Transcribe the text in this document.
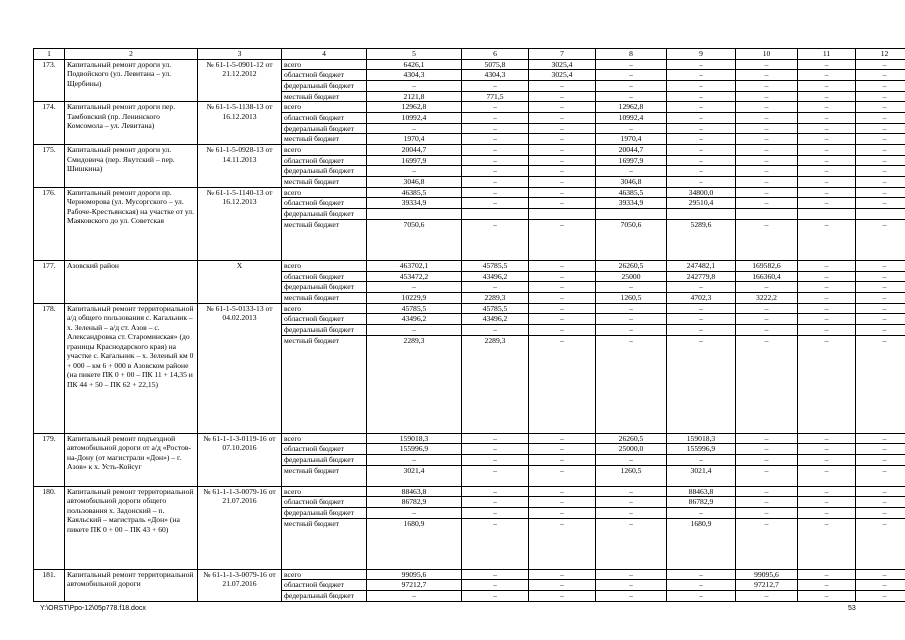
1	2	3	4	5	6	7	8	9	10	11	12
173.	Капитальный ремонт дороги ул. Подвойского (ул. Левитана – ул. Щербины)	№ 61-1-5-0901-12 от 21.12.2012	всего	6426,1	5075,8	3025,4	–	–	–	–	–
			областной бюджет	4304,3	4304,3	3025,4	–	–	–	–	–
			федеральный бюджет	–	–	–	–	–	–	–	–
			местный бюджет	2121,8	771,5	–	–	–	–	–	–
174.	Капитальный ремонт дороги пер. Тамбовский (пр. Ленинского Комсомола – ул. Левитана)	№ 61-1-5-1138-13 от 16.12.2013	всего	12962,8	–	–	12962,8	–	–	–	–
			областной бюджет	10992,4	–	–	10992,4	–	–	–	–
			федеральный бюджет	–	–	–	–	–	–	–	–
			местный бюджет	1970,4	–	–	1970,4	–	–	–	–
175.	Капитальный ремонт дороги ул. Смидовича (пер. Якутский – пер. Шишкина)	№ 61-1-5-0928-13 от 14.11.2013	всего	20044,7	–	–	20044,7	–	–	–	–
			областной бюджет	16997,9	–	–	16997,9	–	–	–	–
			федеральный бюджет	–	–	–	–	–	–	–	–
			местный бюджет	3046,8	–	–	3046,8	–	–	–	–
176.	Капитальный ремонт дороги пр. Черноморова (ул. Мусоргского – ул. Рабоче-Крестьянская) на участке от ул. Маяковского до ул. Советская	№ 61-1-5-1140-13 от 16.12.2013	всего	46385,5	–	–	46385,5	34800,0	–	–	–
			областной бюджет	39334,9	–	–	39334,9	29510,4	–	–	–
			федеральный бюджет								
			местный бюджет	7050,6	–	–	7050,6	5289,6	–	–	–
177.	Азовский район	Х	всего	463702,1	45785,5	–	26260,5	247482,1	169582,6	–	–
			областной бюджет	453472,2	43496,2	–	25000	242779,8	166360,4	–	–
			федеральный бюджет	–	–	–	–	–	–	–	–
			местный бюджет	10229,9	2289,3	–	1260,5	4702,3	3222,2	–	–
178.	Капитальный ремонт территориальной а/д общего пользования с. Кагальник – х. Зеленый – а/д ст. Азов – с. Александровка ст. Староминская» (до границы Краснодарского края) на участке с. Кагальник – х. Зеленый км 0 + 000 – км 6 + 000 в Азовском районе (на пикете ПК 0 + 00 – ПК 11 + 14,35 и ПК 44 + 50 – ПК 62 + 22,15)	№ 61-1-5-0133-13 от 04.02.2013	всего	45785,5	45785,5	–	–	–	–	–	–
			областной бюджет	43496,2	43496,2	–	–	–	–	–	–
			федеральный бюджет	–	–	–	–	–	–	–	–
			местный бюджет	2289,3	2289,3	–	–	–	–	–	–
179.	Капитальный ремонт подъездной автомобильной дороги от а/д «Ростов-на-Дону (от магистрали «Дон») – г. Азов» к х. Усть-Койсуг	№ 61-1-1-3-0119-16 от 07.10.2016	всего	159018,3	–	–	26260,5	159018,3	–	–	–
			областной бюджет	155996,9	–	–	25000,0	155996,9	–	–	–
			федеральный бюджет	–	–	–	–	–	–	–	–
			местный бюджет	3021,4	–	–	1260,5	3021,4	–	–	–
180.	Капитальный ремонт территориальной автомобильной дороги общего пользования х. Задонский – п. Каяльский – магистраль «Дон» (на пикете ПК 0 + 00 – ПК 43 + 60)	№ 61-1-1-3-0079-16 от 21.07.2016	всего	88463,8	–	–	–	88463,8	–	–	–
			областной бюджет	86782,9	–	–	–	86782,9	–	–	–
			федеральный бюджет	–	–	–	–	–	–	–	–
			местный бюджет	1680,9	–	–	–	1680,9	–	–	–
181.	Капитальный ремонт территориальной автомобильной дороги	№ 61-1-1-3-0079-16 от 21.07.2016	всего	99095,6	–	–	–	–	99095,6	–	–
			областной бюджет	97212,7	–	–	–	–	97212,7	–	–
			федеральный бюджет	–	–	–	–	–	–	–	–
Y:\ORST\Ppo-12\05p778.f18.docx	53
